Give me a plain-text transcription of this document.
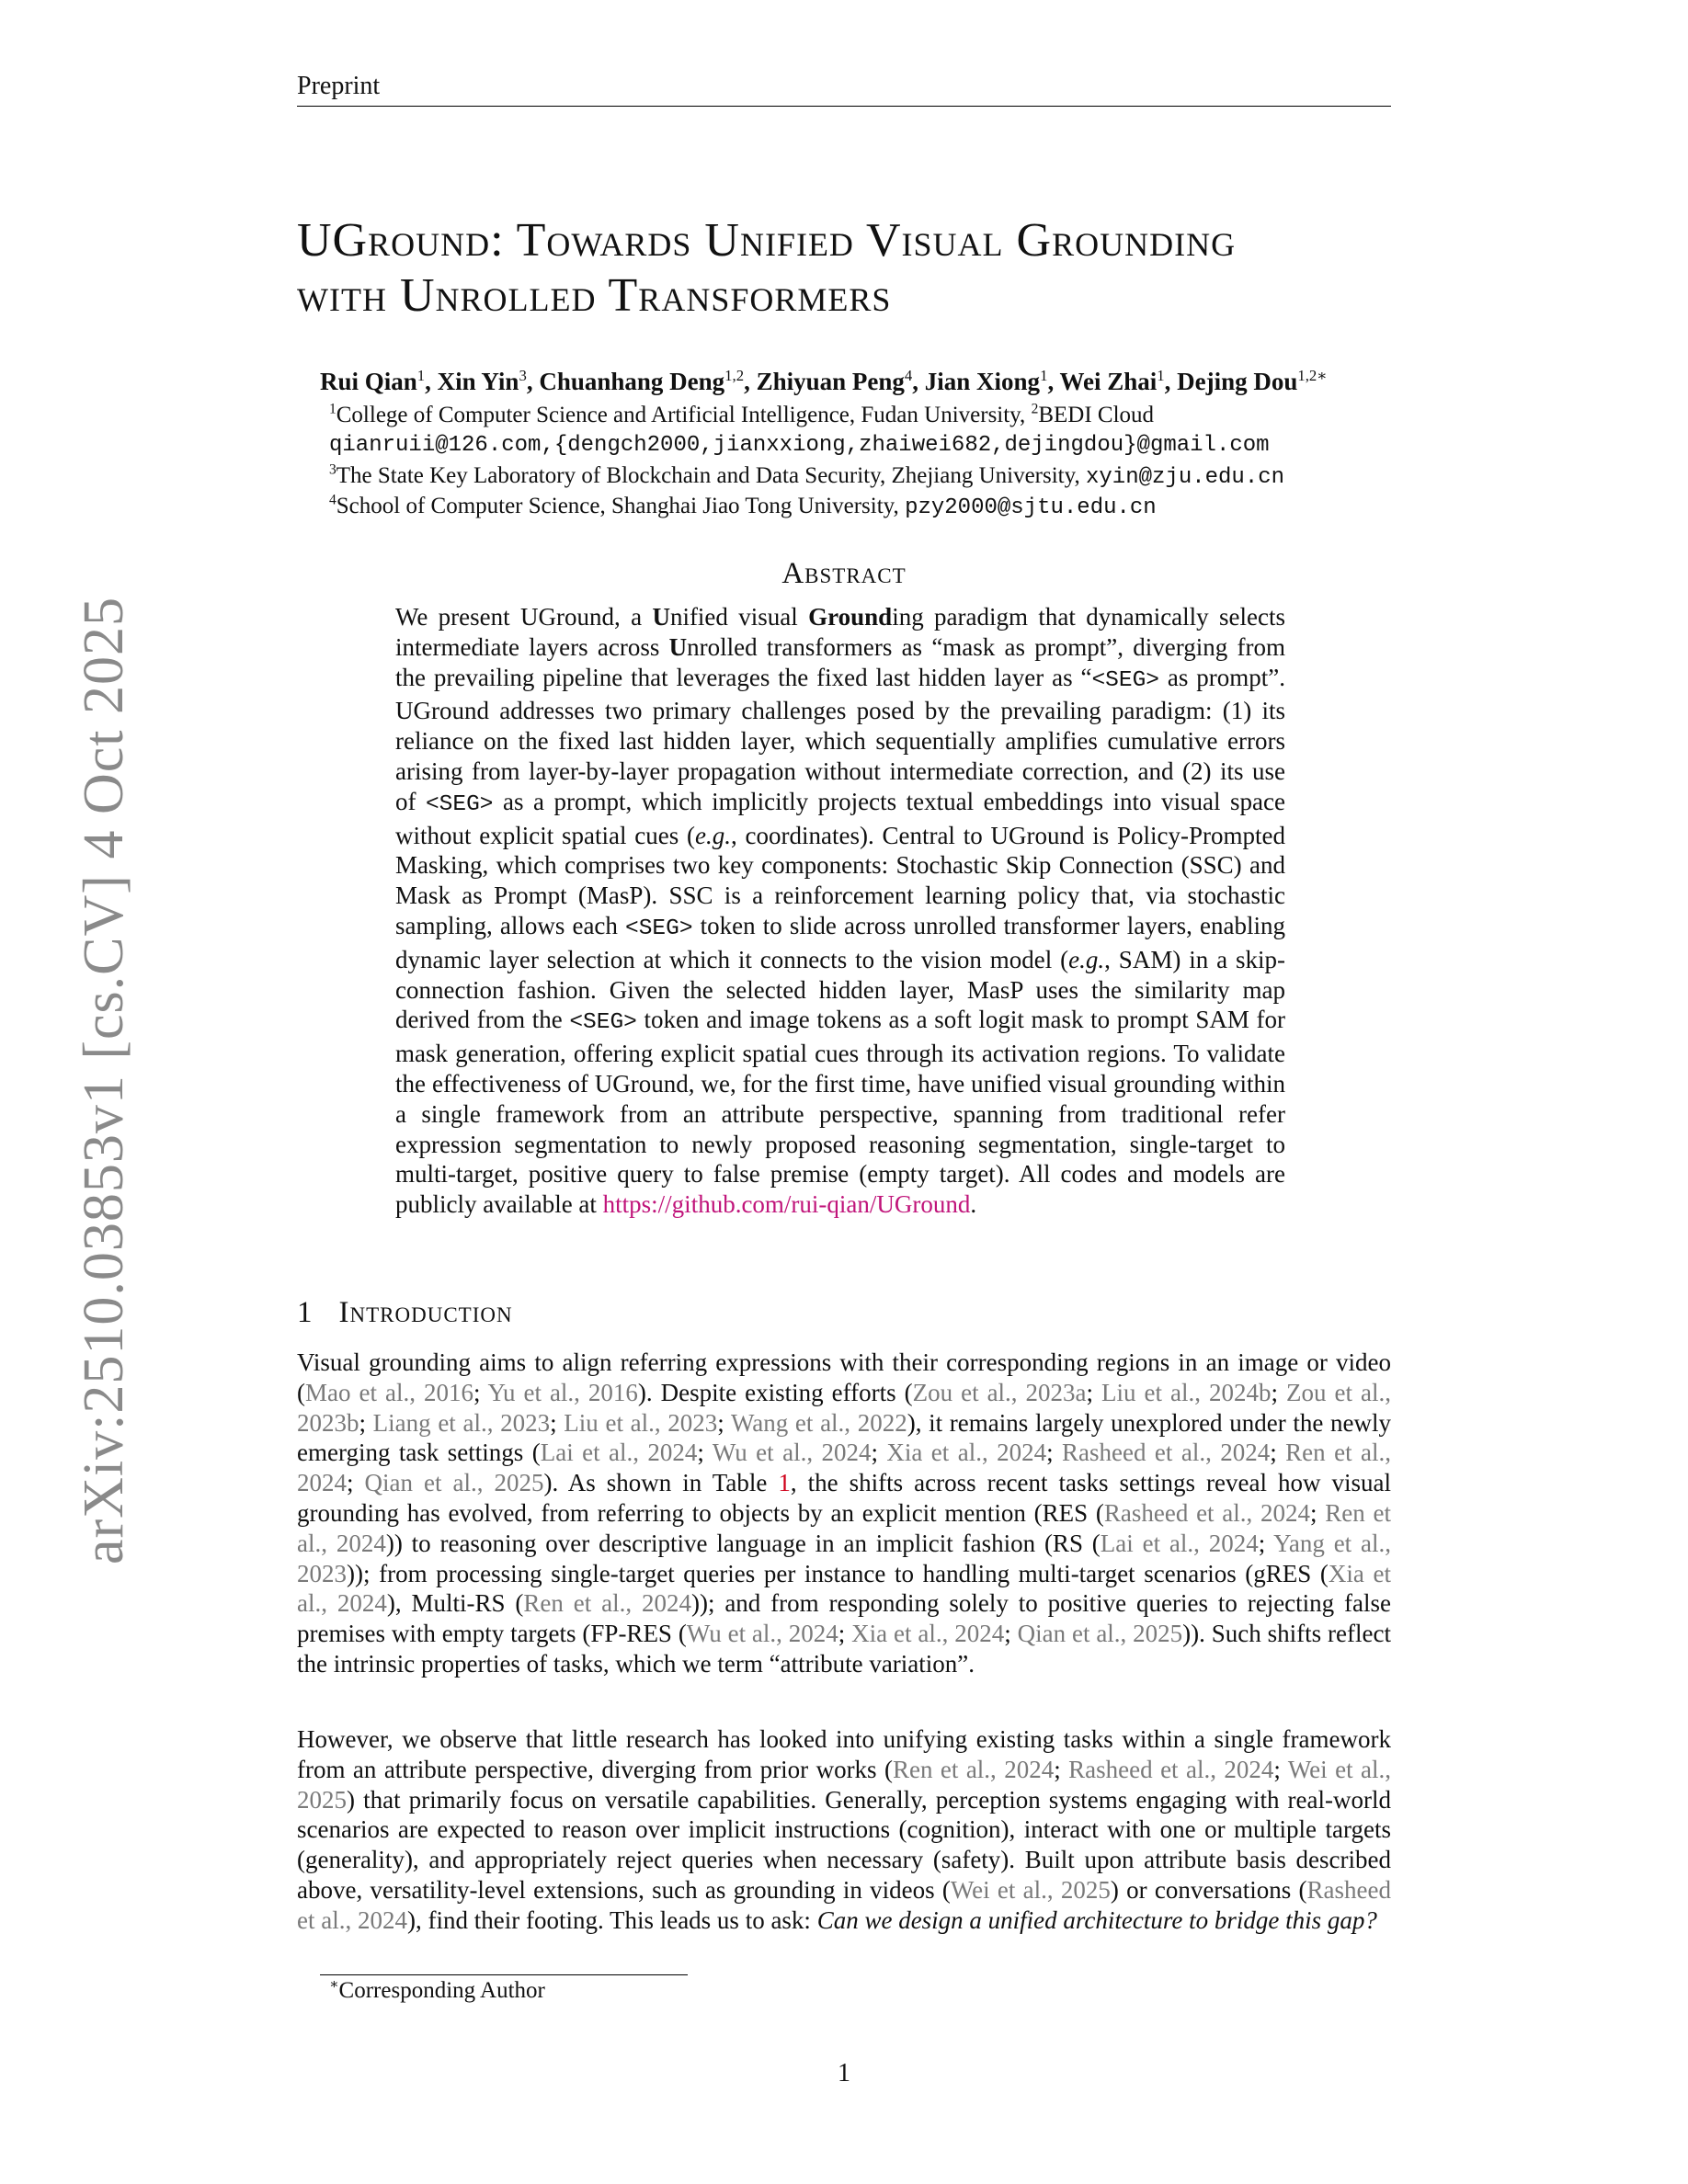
Preprint
arXiv:2510.03853v1 [cs.CV] 4 Oct 2025
UGround: Towards Unified Visual Grounding
with Unrolled Transformers
Rui Qian$^1$, Xin Yin$^3$, Chuanhang Deng$^{1,2}$, Zhiyuan Peng$^4$, Jian Xiong$^1$, Wei Zhai$^1$, Dejing Dou$^{1,2∗}$
$^1$College of Computer Science and Artificial Intelligence, Fudan University, $^2$BEDI Cloud
qianruii@126.com,{dengch2000,jianxxiong,zhaiwei682,dejingdou}@gmail.com
$^3$The State Key Laboratory of Blockchain and Data Security, Zhejiang University, xyin@zju.edu.cn
$^4$School of Computer Science, Shanghai Jiao Tong University, pzy2000@sjtu.edu.cn
Abstract
We present UGround, a Unified visual Grounding paradigm that dynamically selects intermediate layers across Unrolled transformers as “mask as prompt”, diverging from the prevailing pipeline that leverages the fixed last hidden layer as “<SEG> as prompt”. UGround addresses two primary challenges posed by the prevailing paradigm: (1) its reliance on the fixed last hidden layer, which sequentially amplifies cumulative errors arising from layer-by-layer propagation without intermediate correction, and (2) its use of <SEG> as a prompt, which implicitly projects textual embeddings into visual space without explicit spatial cues (e.g., coordinates). Central to UGround is Policy-Prompted Masking, which comprises two key components: Stochastic Skip Connection (SSC) and Mask as Prompt (MasP). SSC is a reinforcement learning policy that, via stochastic sampling, allows each <SEG> token to slide across unrolled transformer layers, enabling dynamic layer selection at which it connects to the vision model (e.g., SAM) in a skip-connection fashion. Given the selected hidden layer, MasP uses the similarity map derived from the <SEG> token and image tokens as a soft logit mask to prompt SAM for mask generation, offering explicit spatial cues through its activation regions. To validate the effectiveness of UGround, we, for the first time, have unified visual grounding within a single framework from an attribute perspective, spanning from traditional refer expression segmentation to newly proposed reasoning segmentation, single-target to multi-target, positive query to false premise (empty target). All codes and models are publicly available at https://github.com/rui-qian/UGround.
1 Introduction
Visual grounding aims to align referring expressions with their corresponding regions in an image or video (Mao et al., 2016; Yu et al., 2016). Despite existing efforts (Zou et al., 2023a; Liu et al., 2024b; Zou et al., 2023b; Liang et al., 2023; Liu et al., 2023; Wang et al., 2022), it remains largely unexplored under the newly emerging task settings (Lai et al., 2024; Wu et al., 2024; Xia et al., 2024; Rasheed et al., 2024; Ren et al., 2024; Qian et al., 2025). As shown in Table 1, the shifts across recent tasks settings reveal how visual grounding has evolved, from referring to objects by an explicit mention (RES (Rasheed et al., 2024; Ren et al., 2024)) to reasoning over descriptive language in an implicit fashion (RS (Lai et al., 2024; Yang et al., 2023)); from processing single-target queries per instance to handling multi-target scenarios (gRES (Xia et al., 2024), Multi-RS (Ren et al., 2024)); and from responding solely to positive queries to rejecting false premises with empty targets (FP-RES (Wu et al., 2024; Xia et al., 2024; Qian et al., 2025)). Such shifts reflect the intrinsic properties of tasks, which we term “attribute variation”.
However, we observe that little research has looked into unifying existing tasks within a single framework from an attribute perspective, diverging from prior works (Ren et al., 2024; Rasheed et al., 2024; Wei et al., 2025) that primarily focus on versatile capabilities. Generally, perception systems engaging with real-world scenarios are expected to reason over implicit instructions (cognition), interact with one or multiple targets (generality), and appropriately reject queries when necessary (safety). Built upon attribute basis described above, versatility-level extensions, such as grounding in videos (Wei et al., 2025) or conversations (Rasheed et al., 2024), find their footing. This leads us to ask: Can we design a unified architecture to bridge this gap?
∗Corresponding Author
1
